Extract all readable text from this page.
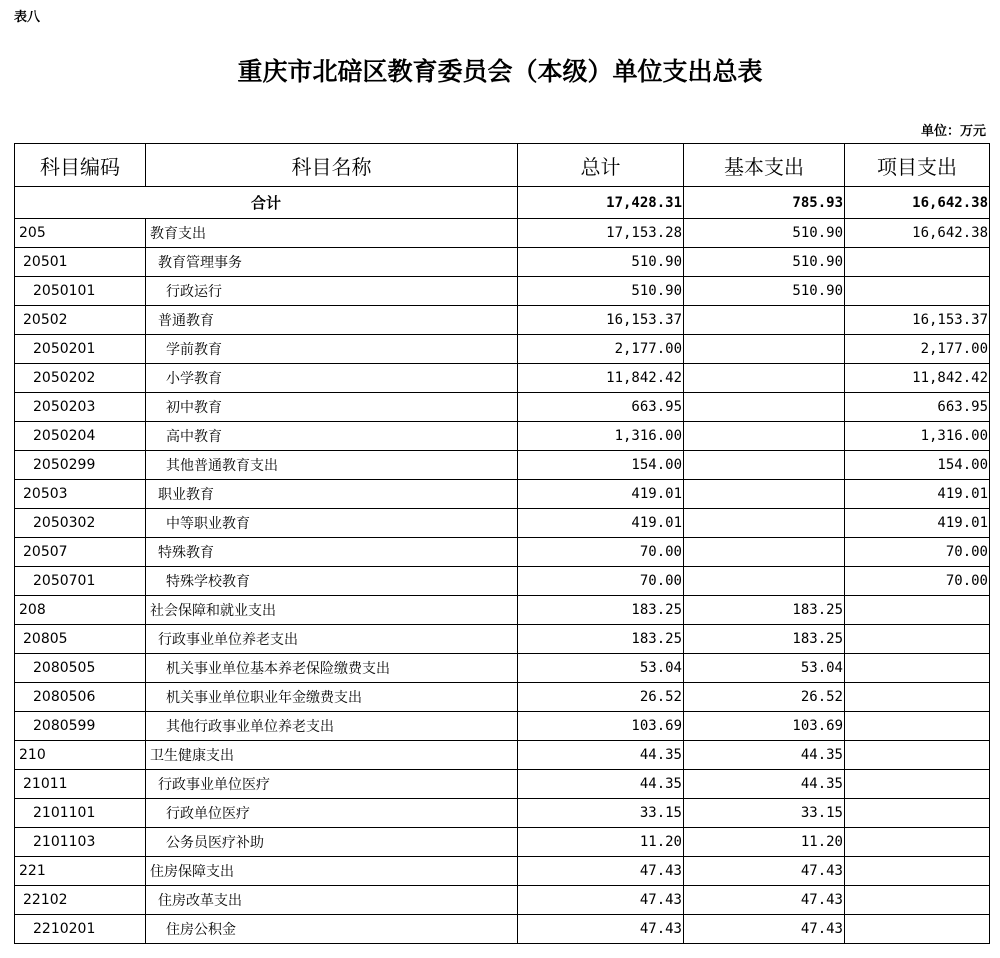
表八
重庆市北碚区教育委员会（本级）单位支出总表
单位：万元
科目编码	科目名称	总计	基本支出	项目支出
合计		17,428.31	785.93	16,642.38
205	教育支出	17,153.28	510.90	16,642.38
20501	教育管理事务	510.90	510.90	
2050101	行政运行	510.90	510.90	
20502	普通教育	16,153.37		16,153.37
2050201	学前教育	2,177.00		2,177.00
2050202	小学教育	11,842.42		11,842.42
2050203	初中教育	663.95		663.95
2050204	高中教育	1,316.00		1,316.00
2050299	其他普通教育支出	154.00		154.00
20503	职业教育	419.01		419.01
2050302	中等职业教育	419.01		419.01
20507	特殊教育	70.00		70.00
2050701	特殊学校教育	70.00		70.00
208	社会保障和就业支出	183.25	183.25	
20805	行政事业单位养老支出	183.25	183.25	
2080505	机关事业单位基本养老保险缴费支出	53.04	53.04	
2080506	机关事业单位职业年金缴费支出	26.52	26.52	
2080599	其他行政事业单位养老支出	103.69	103.69	
210	卫生健康支出	44.35	44.35	
21011	行政事业单位医疗	44.35	44.35	
2101101	行政单位医疗	33.15	33.15	
2101103	公务员医疗补助	11.20	11.20	
221	住房保障支出	47.43	47.43	
22102	住房改革支出	47.43	47.43	
2210201	住房公积金	47.43	47.43	
